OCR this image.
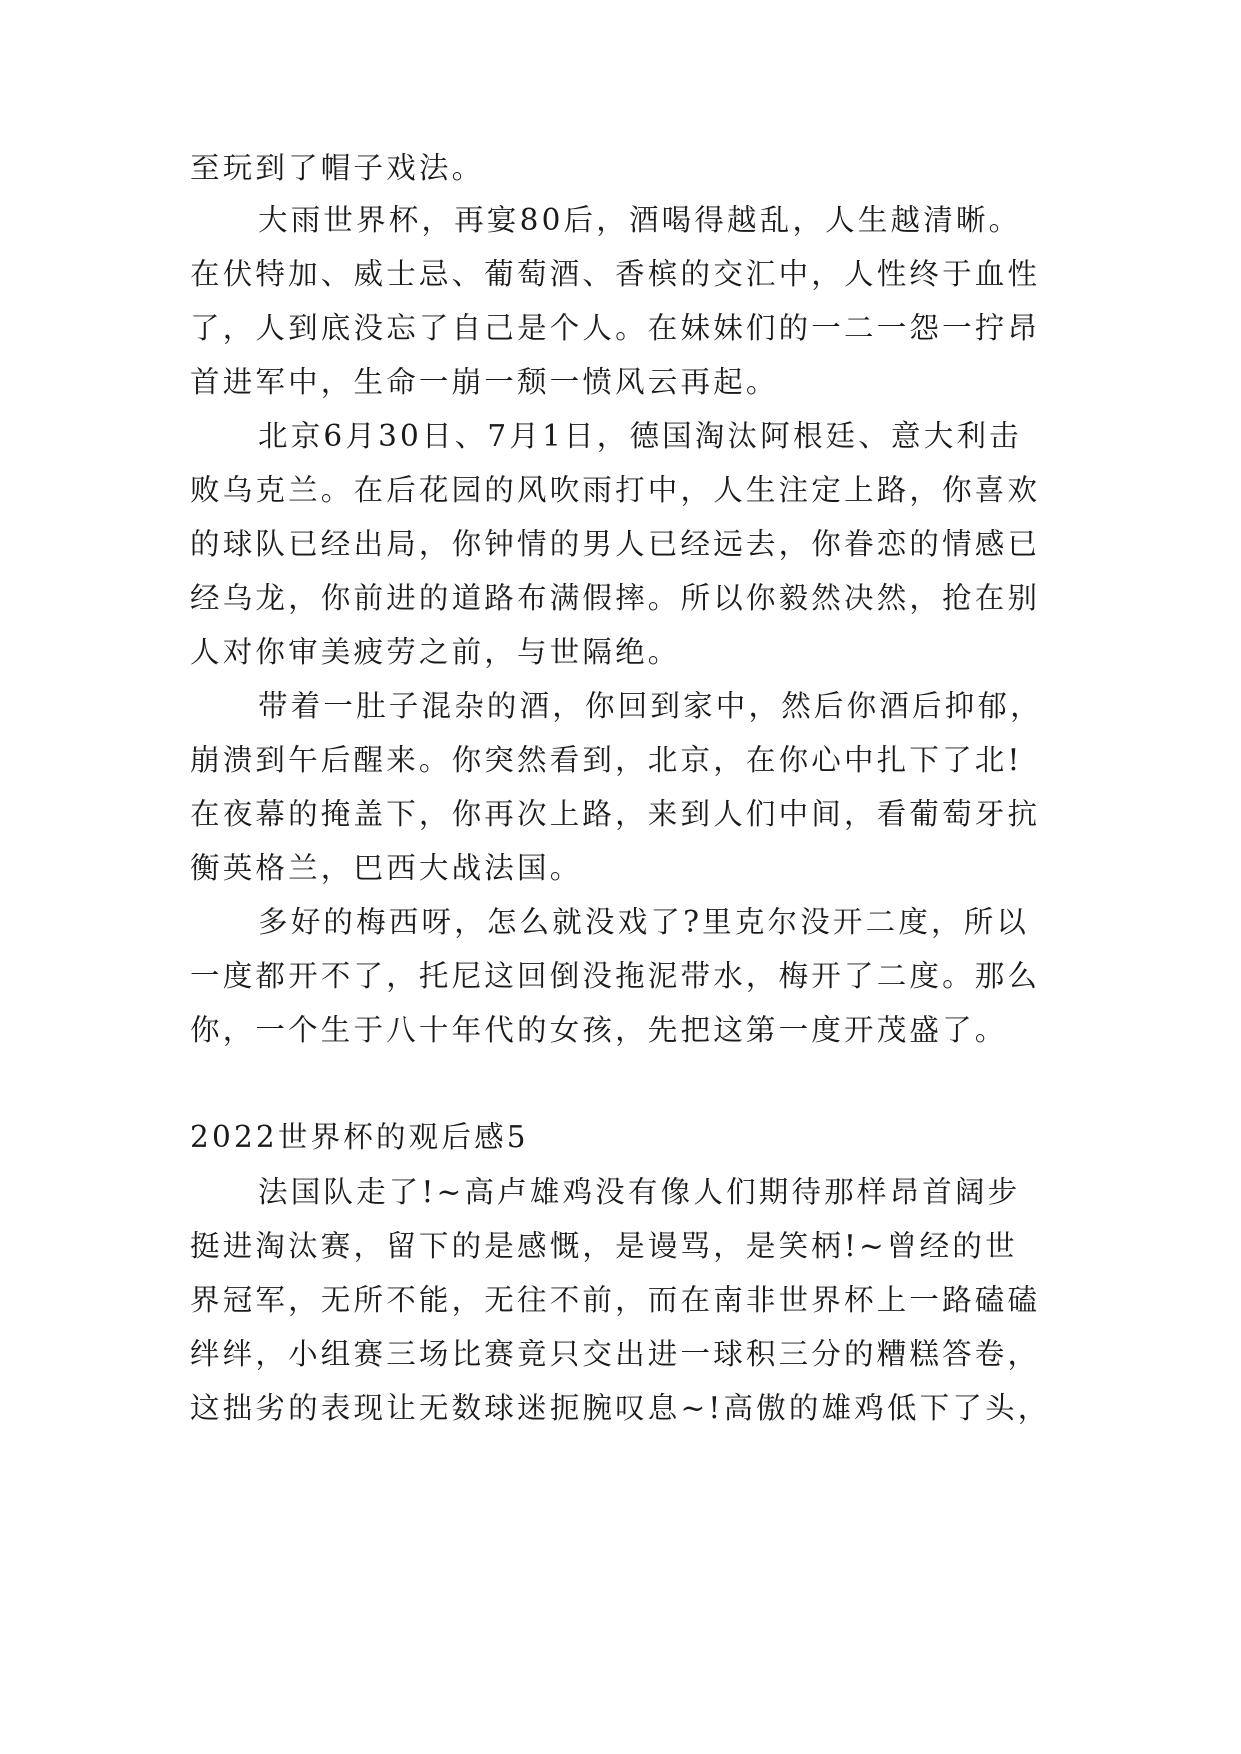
至玩到了帽子戏法。
大雨世界杯，再宴80后，酒喝得越乱，人生越清晰。
在伏特加、威士忌、葡萄酒、香槟的交汇中，人性终于血性
了，人到底没忘了自己是个人。在妹妹们的一二一怨一拧昂
首进军中，生命一崩一颓一愤风云再起。
北京6月30日、7月1日，德国淘汰阿根廷、意大利击
败乌克兰。在后花园的风吹雨打中，人生注定上路，你喜欢
的球队已经出局，你钟情的男人已经远去，你眷恋的情感已
经乌龙，你前进的道路布满假摔。所以你毅然决然，抢在别
人对你审美疲劳之前，与世隔绝。
带着一肚子混杂的酒，你回到家中，然后你酒后抑郁，
崩溃到午后醒来。你突然看到，北京，在你心中扎下了北!
在夜幕的掩盖下，你再次上路，来到人们中间，看葡萄牙抗
衡英格兰，巴西大战法国。
多好的梅西呀，怎么就没戏了?里克尔没开二度，所以
一度都开不了，托尼这回倒没拖泥带水，梅开了二度。那么
你，一个生于八十年代的女孩，先把这第一度开茂盛了。
2022世界杯的观后感5
法国队走了!~高卢雄鸡没有像人们期待那样昂首阔步
挺进淘汰赛，留下的是感慨，是谩骂，是笑柄!~曾经的世
界冠军，无所不能，无往不前，而在南非世界杯上一路磕磕
绊绊，小组赛三场比赛竟只交出进一球积三分的糟糕答卷，
这拙劣的表现让无数球迷扼腕叹息~!高傲的雄鸡低下了头，
